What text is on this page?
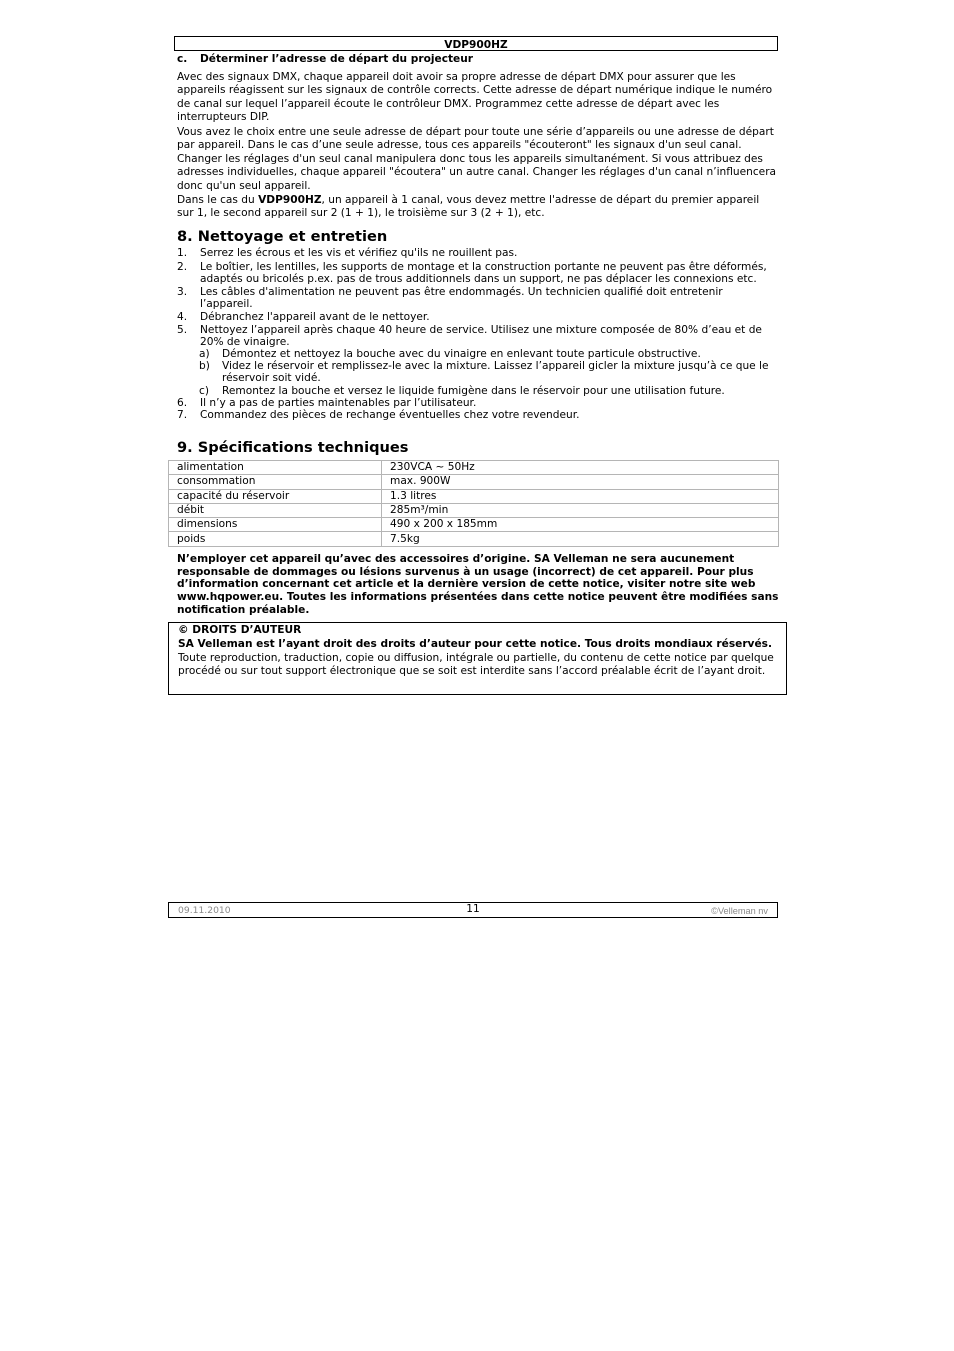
VDP900HZ
c. Déterminer l’adresse de départ du projecteur
Avec des signaux DMX, chaque appareil doit avoir sa propre adresse de départ DMX pour assurer que les appareils réagissent sur les signaux de contrôle corrects. Cette adresse de départ numérique indique le numéro de canal sur lequel l’appareil écoute le contrôleur DMX. Programmez cette adresse de départ avec les interrupteurs DIP.
Vous avez le choix entre une seule adresse de départ pour toute une série d’appareils ou une adresse de départ par appareil. Dans le cas d’une seule adresse, tous ces appareils "écouteront" les signaux d'un seul canal. Changer les réglages d'un seul canal manipulera donc tous les appareils simultanément. Si vous attribuez des adresses individuelles, chaque appareil "écoutera" un autre canal. Changer les réglages d'un canal n’influencera donc qu'un seul appareil.
Dans le cas du VDP900HZ, un appareil à 1 canal, vous devez mettre l'adresse de départ du premier appareil sur 1, le second appareil sur 2 (1 + 1), le troisième sur 3 (2 + 1), etc.
8. Nettoyage et entretien
1. Serrez les écrous et les vis et vérifiez qu'ils ne rouillent pas.
2. Le boîtier, les lentilles, les supports de montage et la construction portante ne peuvent pas être déformés, adaptés ou bricolés p.ex. pas de trous additionnels dans un support, ne pas déplacer les connexions etc.
3. Les câbles d'alimentation ne peuvent pas être endommagés. Un technicien qualifié doit entretenir l’appareil.
4. Débranchez l'appareil avant de le nettoyer.
5. Nettoyez l’appareil après chaque 40 heure de service. Utilisez une mixture composée de 80% d’eau et de 20% de vinaigre.
a) Démontez et nettoyez la bouche avec du vinaigre en enlevant toute particule obstructive.
b) Videz le réservoir et remplissez-le avec la mixture. Laissez l’appareil gicler la mixture jusqu’à ce que le réservoir soit vidé.
c) Remontez la bouche et versez le liquide fumigène dans le réservoir pour une utilisation future.
6. Il n’y a pas de parties maintenables par l’utilisateur.
7. Commandez des pièces de rechange éventuelles chez votre revendeur.
9. Spécifications techniques
alimentation	230VCA ~ 50Hz
consommation	max. 900W
capacité du réservoir	1.3 litres
débit	285m³/min
dimensions	490 x 200 x 185mm
poids	7.5kg
N’employer cet appareil qu’avec des accessoires d’origine. SA Velleman ne sera aucunement responsable de dommages ou lésions survenus à un usage (incorrect) de cet appareil. Pour plus d’information concernant cet article et la dernière version de cette notice, visiter notre site web www.hqpower.eu. Toutes les informations présentées dans cette notice peuvent être modifiées sans notification préalable.
© DROITS D’AUTEUR
SA Velleman est l’ayant droit des droits d’auteur pour cette notice. Tous droits mondiaux réservés. Toute reproduction, traduction, copie ou diffusion, intégrale ou partielle, du contenu de cette notice par quelque procédé ou sur tout support électronique que se soit est interdite sans l’accord préalable écrit de l’ayant droit.
09.11.2010	11	©Velleman nv
